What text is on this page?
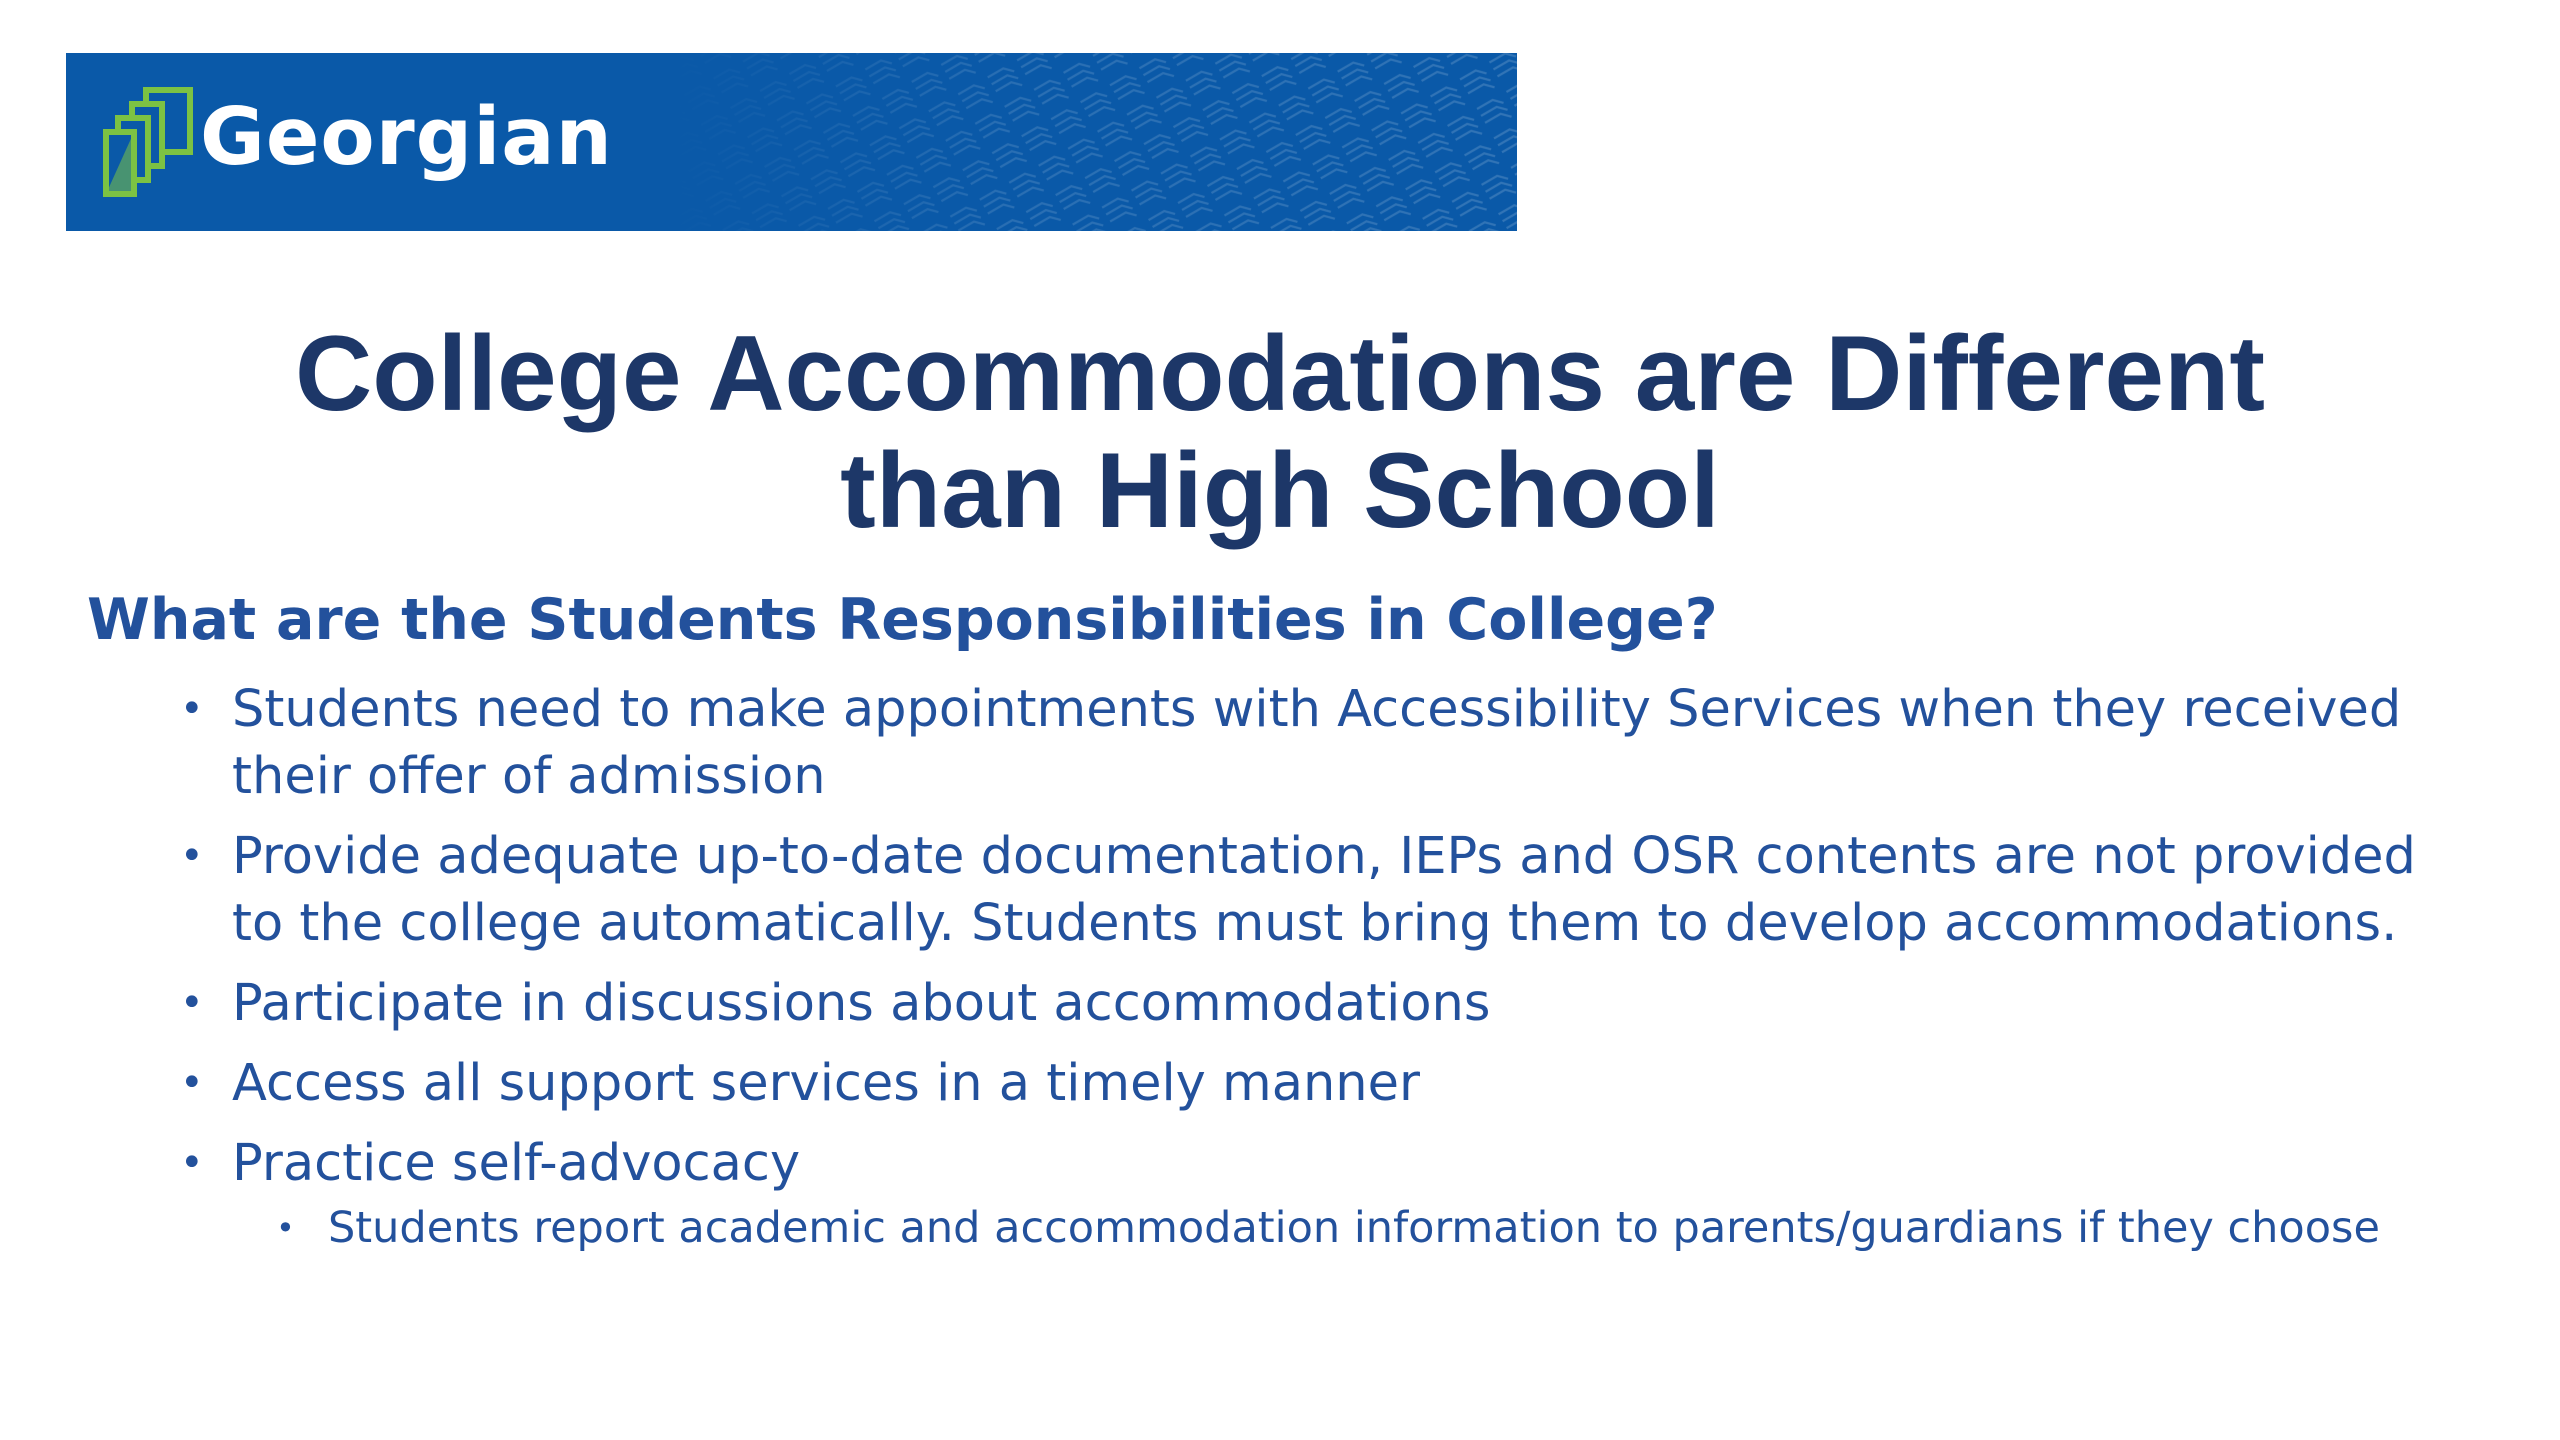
Georgian
College Accommodations are Different
than High School
What are the Students Responsibilities in College?
• Students need to make appointments with Accessibility Services when they received their offer of admission
• Provide adequate up-to-date documentation, IEPs and OSR contents are not provided to the college automatically. Students must bring them to develop accommodations.
• Participate in discussions about accommodations
• Access all support services in a timely manner
• Practice self-advocacy
• Students report academic and accommodation information to parents/guardians if they choose
